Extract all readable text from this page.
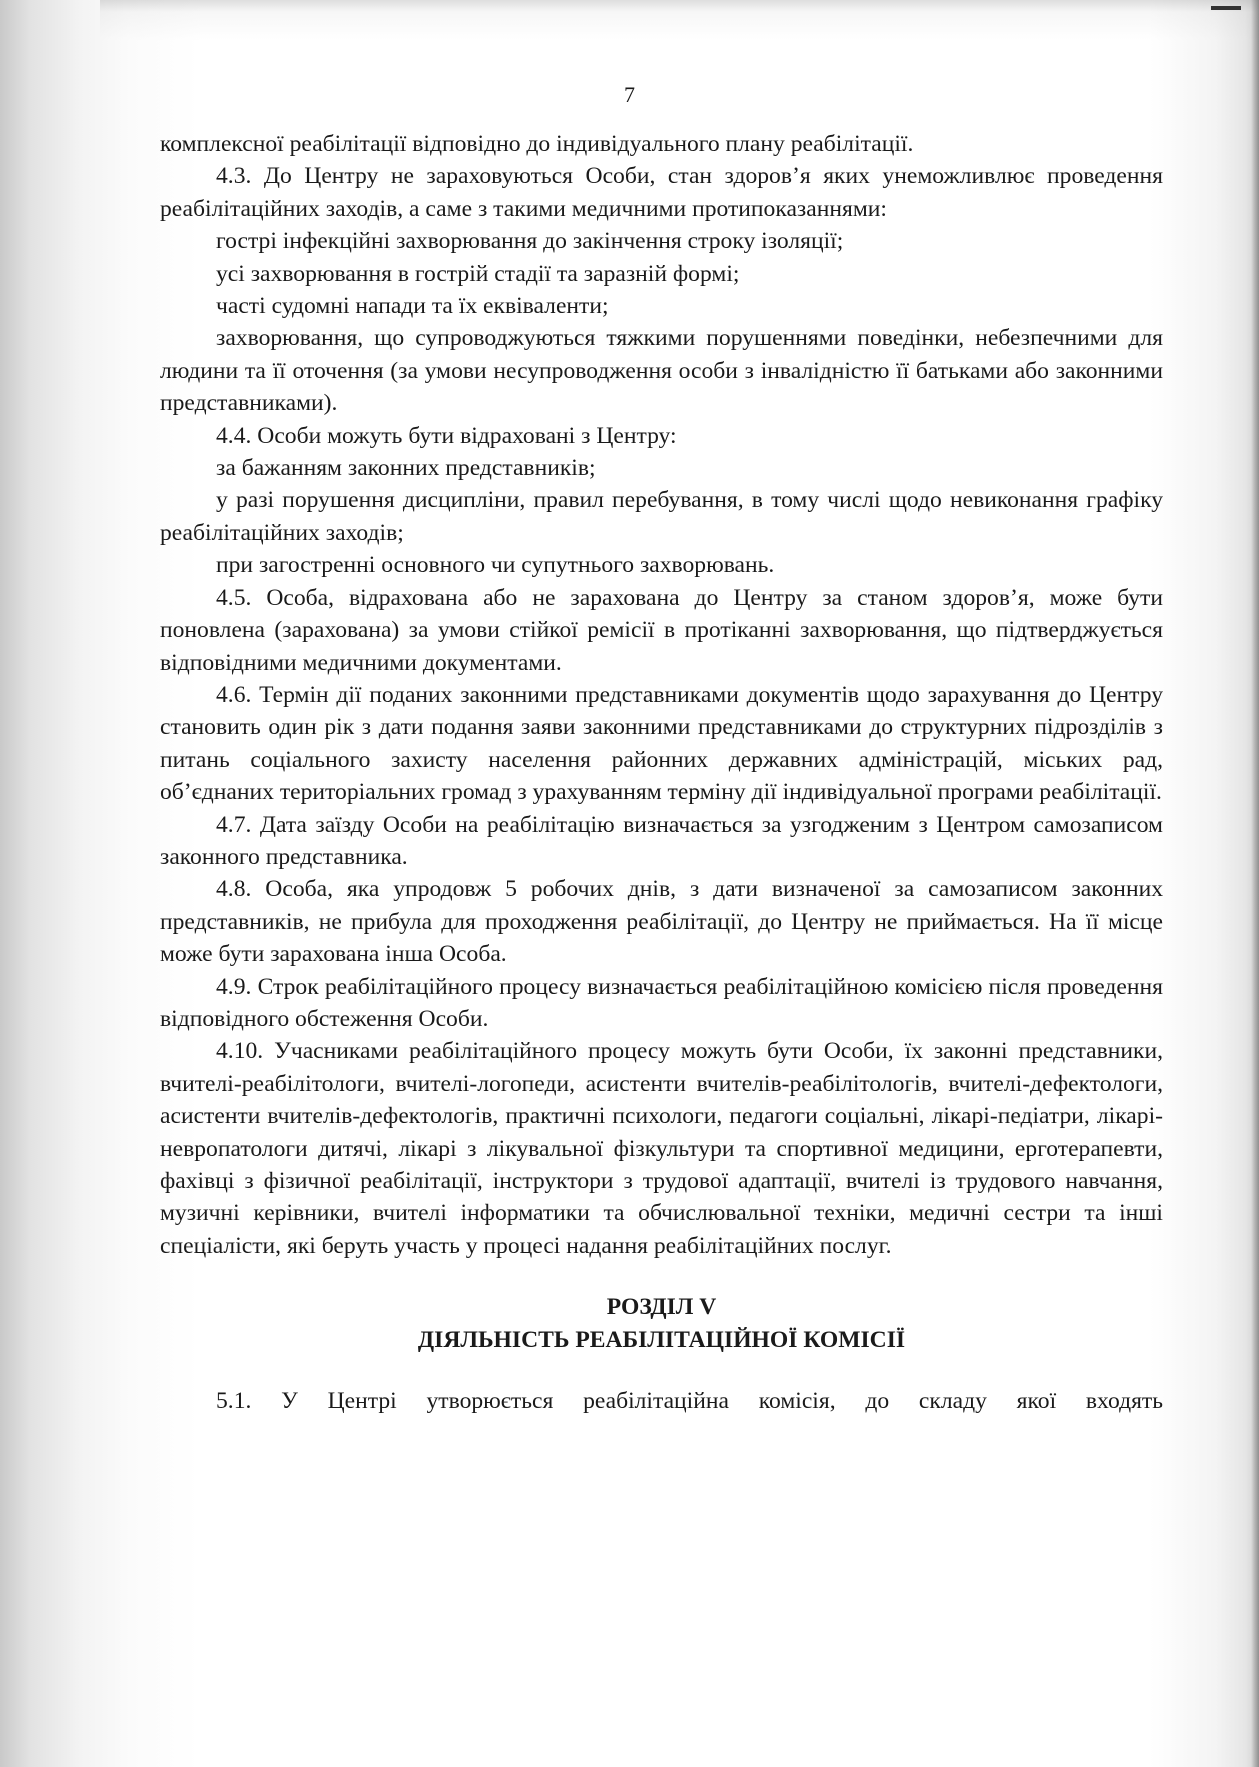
7

комплексної реабілітації відповідно до індивідуального плану реабілітації.

4.3. До Центру не зараховуються Особи, стан здоров’я яких унеможливлює проведення реабілітаційних заходів, а саме з такими медичними протипоказаннями:

гострі інфекційні захворювання до закінчення строку ізоляції;

усі захворювання в гострій стадії та заразній формі;

часті судомні напади та їх еквіваленти;

захворювання, що супроводжуються тяжкими порушеннями поведінки, небезпечними для людини та її оточення (за умови несупроводження особи з інвалідністю її батьками або законними представниками).

4.4. Особи можуть бути відраховані з Центру:

за бажанням законних представників;

у разі порушення дисципліни, правил перебування, в тому числі щодо невиконання графіку реабілітаційних заходів;

при загостренні основного чи супутнього захворювань.

4.5. Особа, відрахована або не зарахована до Центру за станом здоров’я, може бути поновлена (зарахована) за умови стійкої ремісії в протіканні захворювання, що підтверджується відповідними медичними документами.

4.6. Термін дії поданих законними представниками документів щодо зарахування до Центру становить один рік з дати подання заяви законними представниками до структурних підрозділів з питань соціального захисту населення районних державних адміністрацій, міських рад, об’єднаних територіальних громад з урахуванням терміну дії індивідуальної програми реабілітації.

4.7. Дата заїзду Особи на реабілітацію визначається за узгодженим з Центром самозаписом законного представника.

4.8. Особа, яка упродовж 5 робочих днів, з дати визначеної за самозаписом законних представників, не прибула для проходження реабілітації, до Центру не приймається. На її місце може бути зарахована інша Особа.

4.9. Строк реабілітаційного процесу визначається реабілітаційною комісією після проведення відповідного обстеження Особи.

4.10. Учасниками реабілітаційного процесу можуть бути Особи, їх законні представники, вчителі-реабілітологи, вчителі-логопеди, асистенти вчителів-реабілітологів, вчителі-дефектологи, асистенти вчителів-дефектологів, практичні психологи, педагоги соціальні, лікарі-педіатри, лікарі-невропатологи дитячі, лікарі з лікувальної фізкультури та спортивної медицини, ерготерапевти, фахівці з фізичної реабілітації, інструктори з трудової адаптації, вчителі із трудового навчання, музичні керівники, вчителі інформатики та обчислювальної техніки, медичні сестри та інші спеціалісти, які беруть участь у процесі надання реабілітаційних послуг.

РОЗДІЛ V
ДІЯЛЬНІСТЬ РЕАБІЛІТАЦІЙНОЇ КОМІСІЇ

5.1. У Центрі утворюється реабілітаційна комісія, до складу якої входять
